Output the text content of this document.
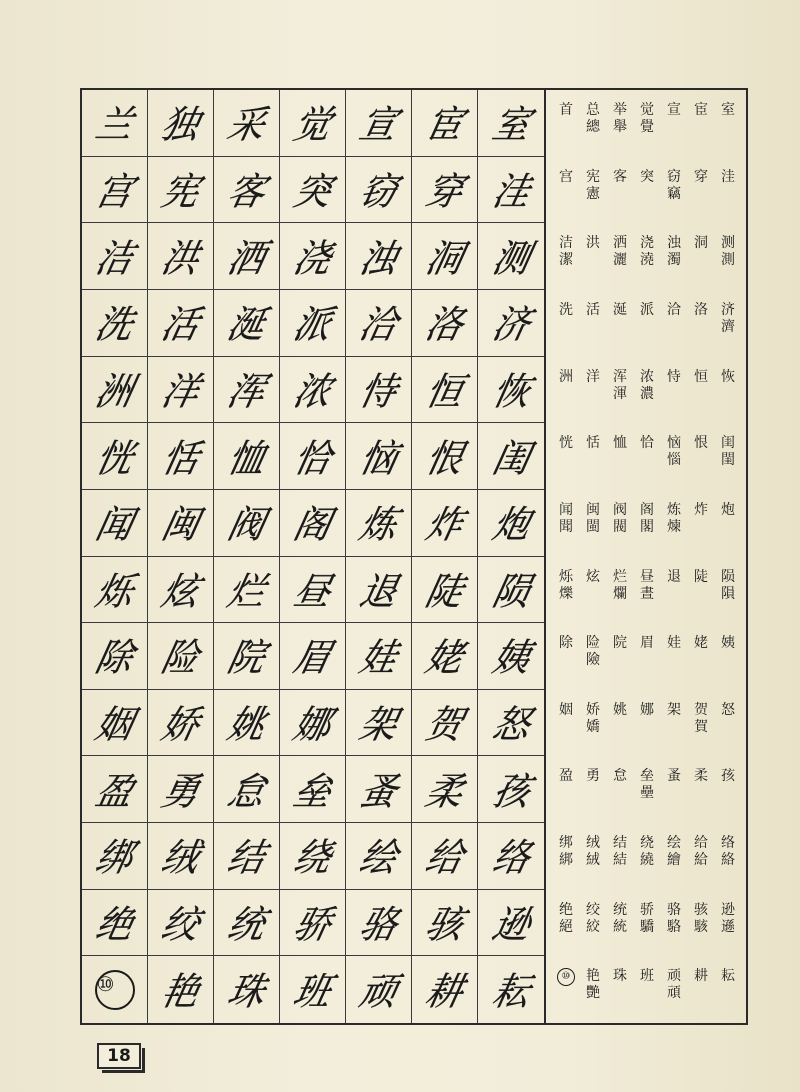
兰 独 采 觉 宣 宦 室
宫 宪 客 突 窃 穿 洼
洁 洪 洒 浇 浊 洞 测
洗 活 涎 派 洽 洛 济
洲 洋 浑 浓 恃 恒 恢
恍 恬 恤 恰 恼 恨 闺
闻 闽 阀 阁 炼 炸 炮
烁 炫 烂 昼 退 陡 陨
除 险 院 眉 娃 姥 姨
姻 娇 姚 娜 架 贺 怒
盈 勇 怠 垒 蚤 柔 孩
绑 绒 结 绕 绘 给 络
绝 绞 统 骄 骆 骇 逊
⑩	艳 珠 班 顽 耕 耘
室
宦
宣
觉
覺
举
舉
总
總
首
洼
穿
窃
竊
突
客
宪
憲
宫
测
測
洞
浊
濁
浇
澆
洒
灑
洪
洁
潔
济
濟
洛
洽
派
涎
活
洗
恢
恒
恃
浓
濃
浑
渾
洋
洲
闺
閨
恨
恼
惱
恰
恤
恬
恍
炮
炸
炼
煉
阁
閣
阀
閥
闽
閩
闻
聞
陨
隕
陡
退
昼
晝
烂
爛
炫
烁
爍
姨
姥
娃
眉
院
险
險
除
怒
贺
賀
架
娜
姚
娇
嬌
姻
孩
柔
蚤
垒
壘
怠
勇
盈
络
絡
给
給
绘
繪
绕
繞
结
結
绒
絨
绑
綁
逊
遜
骇
駭
骆
駱
骄
驕
统
統
绞
絞
绝
絕
耘
耕
顽
頑
班
珠
艳
艷
⑩
18
